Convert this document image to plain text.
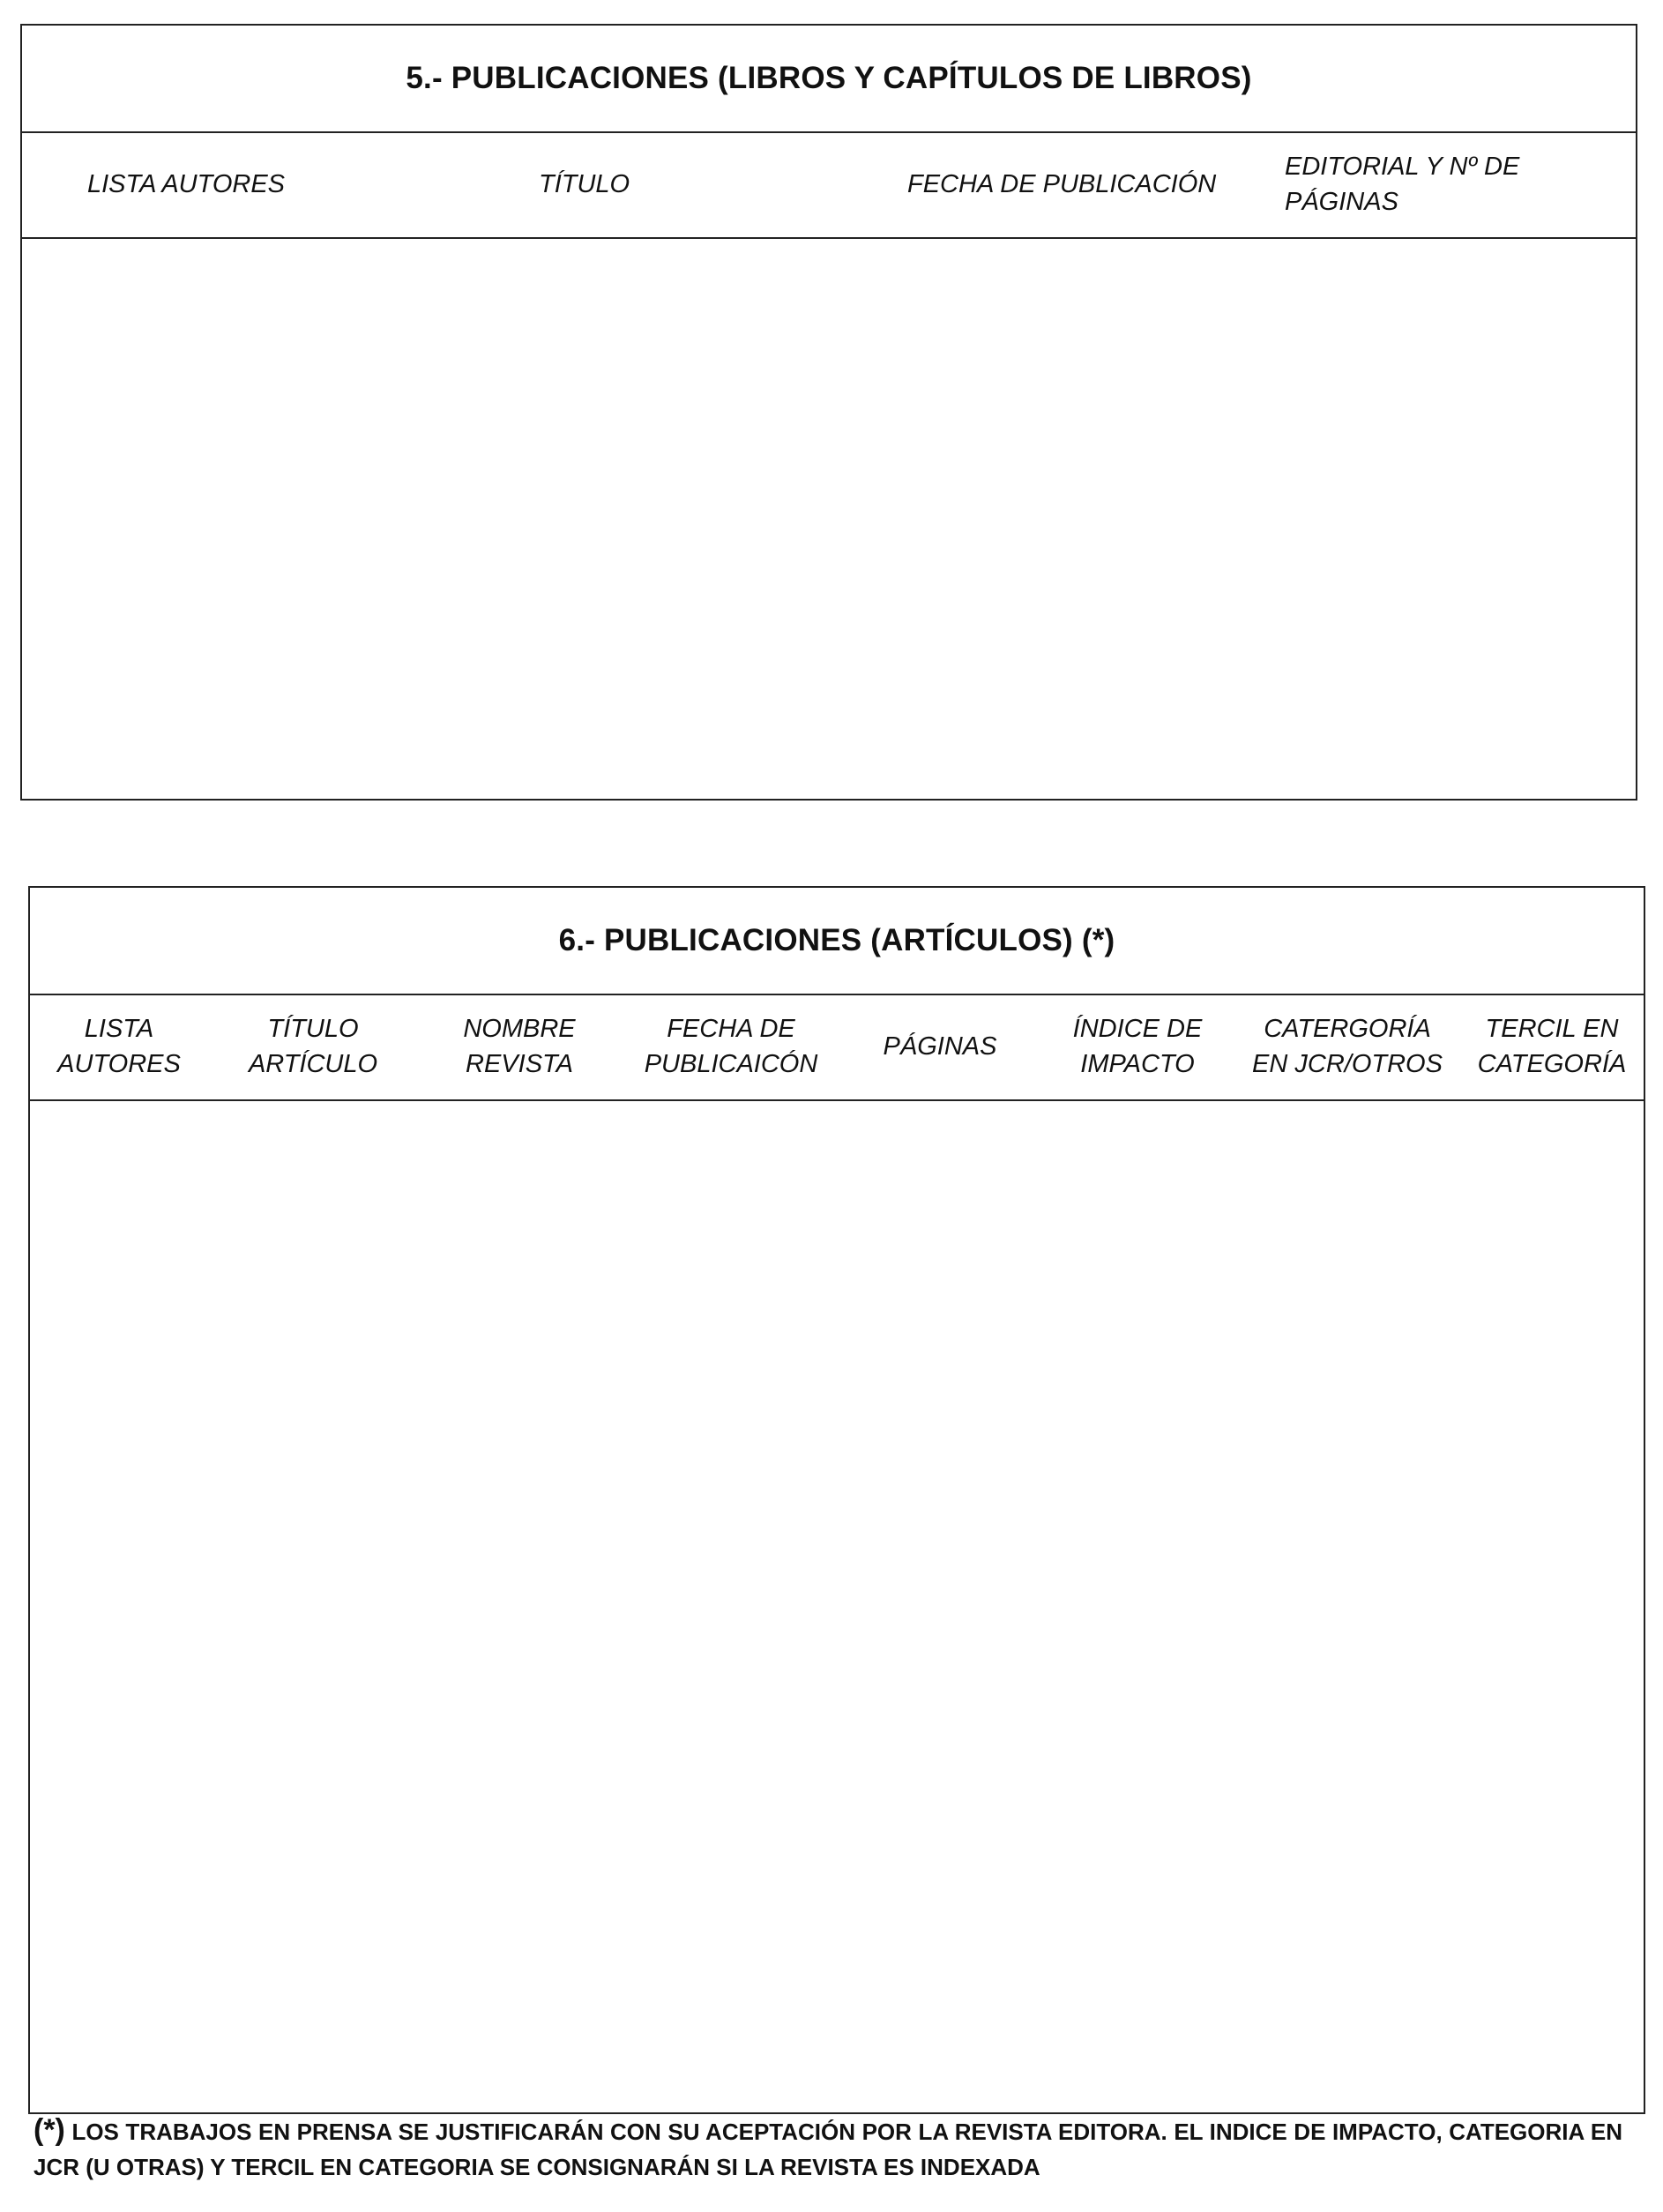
5.- PUBLICACIONES (LIBROS Y CAPÍTULOS DE LIBROS)
LISTA AUTORES	TÍTULO	FECHA DE PUBLICACIÓN
EDITORIAL Y Nº DE PÁGINAS
6.- PUBLICACIONES (ARTÍCULOS) (*)
LISTA
AUTORES
TÍTULO
ARTÍCULO
NOMBRE
REVISTA
FECHA DE
PUBLICAICÓN
PÁGINAS
ÍNDICE DE
IMPACTO
CATERGORÍA
EN JCR/OTROS
TERCIL EN
CATEGORÍA
(*) LOS TRABAJOS EN PRENSA SE JUSTIFICARÁN CON SU ACEPTACIÓN POR LA REVISTA EDITORA. EL INDICE DE IMPACTO, CATEGORIA EN JCR (U OTRAS) Y TERCIL EN CATEGORIA SE CONSIGNARÁN SI LA REVISTA ES INDEXADA
